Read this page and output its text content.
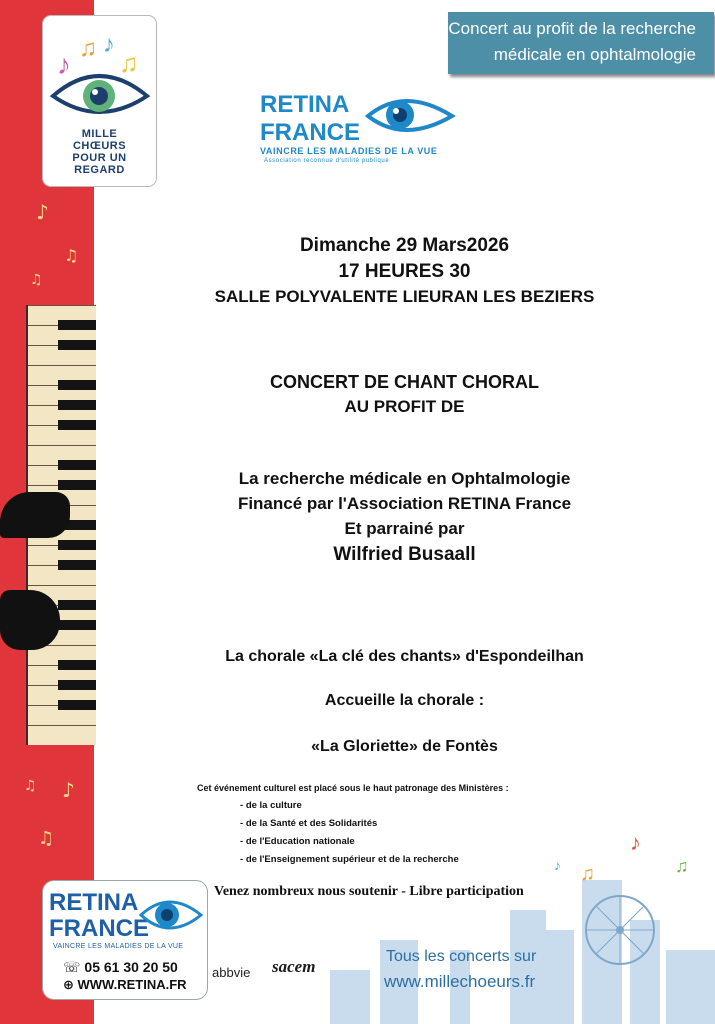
♪
♫
♫
♪
♫
♫
♪
♫ ♪
♫
MILLE
CHŒURS
POUR UN
REGARD
Concert au profit de la recherche
médicale en ophtalmologie
RETINA
FRANCE
VAINCRE LES MALADIES DE LA VUE
Association reconnue d'utilité publique
Dimanche 29 Mars2026
17 HEURES 30
SALLE POLYVALENTE LIEURAN LES BEZIERS
CONCERT DE CHANT CHORAL
AU PROFIT DE
La recherche médicale en Ophtalmologie
Financé par l'Association RETINA France
Et parrainé par
Wilfried Busaall
La chorale «La clé des chants» d'Espondeilhan
Accueille la chorale :
«La Gloriette» de Fontès
Cet événement culturel est placé sous le haut patronage des Ministères :
- de la culture
- de la Santé et des Solidarités
- de l'Education nationale
- de l'Enseignement supérieur et de la recherche
Venez nombreux nous soutenir - Libre participation
RETINA
FRANCE
VAINCRE LES MALADIES DE LA VUE
☏ 05 61 30 20 50
⊕ WWW.RETINA.FR
abbvie sacem
♪
♫	♫
♪
Tous les concerts sur
www.millechoeurs.fr
